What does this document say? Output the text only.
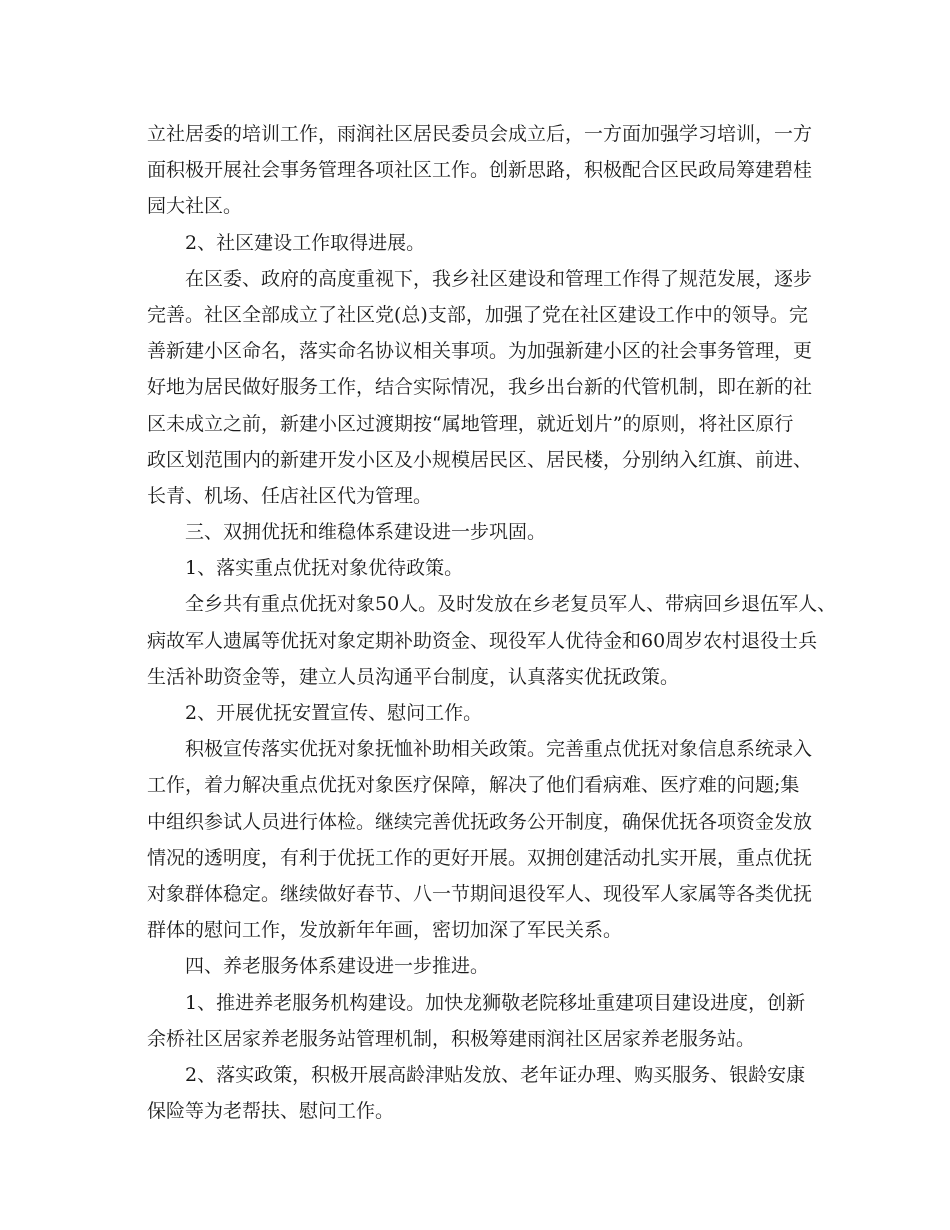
立社居委的培训工作，雨润社区居民委员会成立后，一方面加强学习培训，一方
面积极开展社会事务管理各项社区工作。创新思路，积极配合区民政局筹建碧桂
园大社区。
2、社区建设工作取得进展。
在区委、政府的高度重视下，我乡社区建设和管理工作得了规范发展，逐步
完善。社区全部成立了社区党(总)支部，加强了党在社区建设工作中的领导。完
善新建小区命名，落实命名协议相关事项。为加强新建小区的社会事务管理，更
好地为居民做好服务工作，结合实际情况，我乡出台新的代管机制，即在新的社
区未成立之前，新建小区过渡期按“属地管理，就近划片”的原则，将社区原行
政区划范围内的新建开发小区及小规模居民区、居民楼，分别纳入红旗、前进、
长青、机场、任店社区代为管理。
三、双拥优抚和维稳体系建设进一步巩固。
1、落实重点优抚对象优待政策。
全乡共有重点优抚对象50人。及时发放在乡老复员军人、带病回乡退伍军人、
病故军人遗属等优抚对象定期补助资金、现役军人优待金和60周岁农村退役士兵
生活补助资金等，建立人员沟通平台制度，认真落实优抚政策。
2、开展优抚安置宣传、慰问工作。
积极宣传落实优抚对象抚恤补助相关政策。完善重点优抚对象信息系统录入
工作，着力解决重点优抚对象医疗保障，解决了他们看病难、医疗难的问题;集
中组织参试人员进行体检。继续完善优抚政务公开制度，确保优抚各项资金发放
情况的透明度，有利于优抚工作的更好开展。双拥创建活动扎实开展，重点优抚
对象群体稳定。继续做好春节、八一节期间退役军人、现役军人家属等各类优抚
群体的慰问工作，发放新年年画，密切加深了军民关系。
四、养老服务体系建设进一步推进。
1、推进养老服务机构建设。加快龙狮敬老院移址重建项目建设进度，创新
余桥社区居家养老服务站管理机制，积极筹建雨润社区居家养老服务站。
2、落实政策，积极开展高龄津贴发放、老年证办理、购买服务、银龄安康
保险等为老帮扶、慰问工作。
